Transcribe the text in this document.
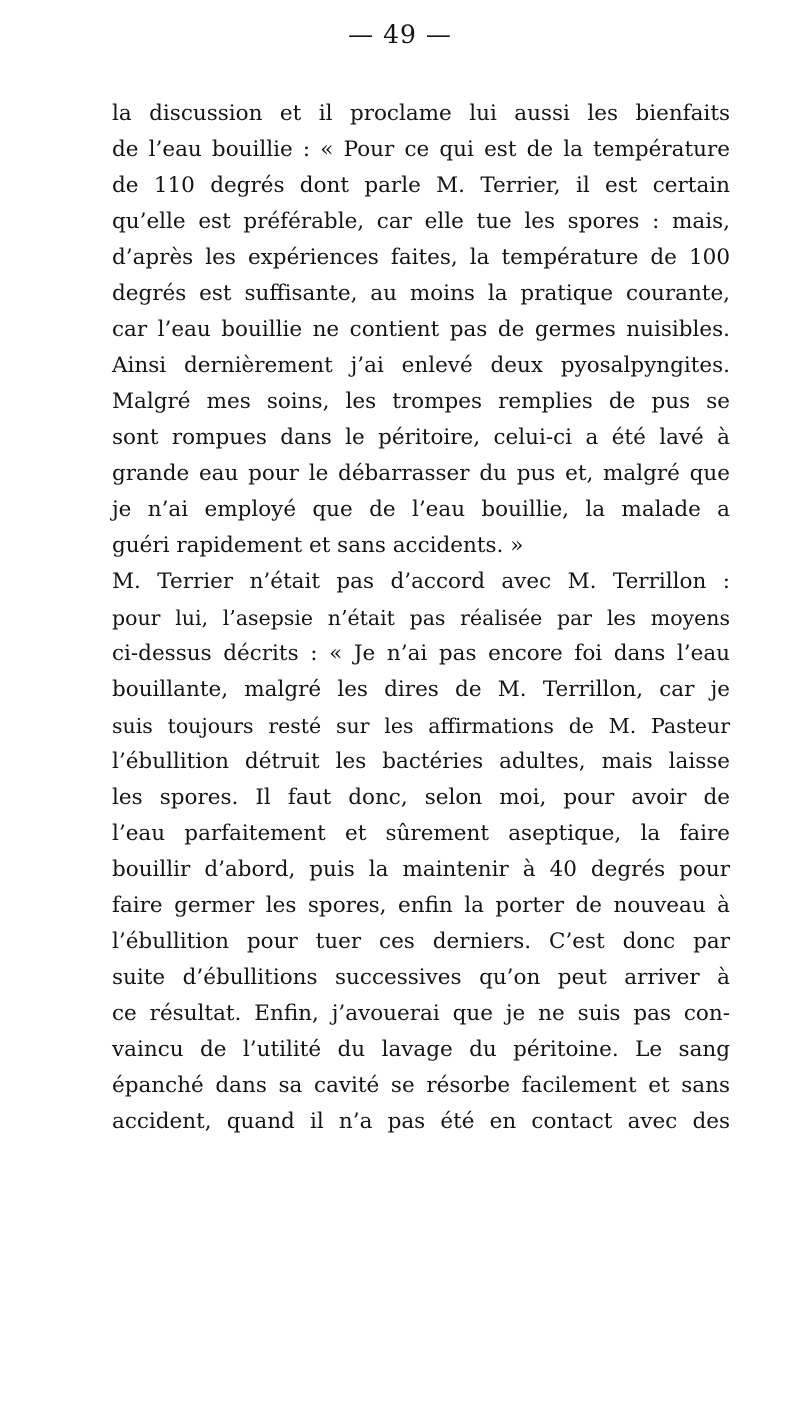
— 49 —
la discussion et il proclame lui aussi les bienfaits
de l’eau bouillie : « Pour ce qui est de la température
de 110 degrés dont parle M. Terrier, il est certain
qu’elle est préférable, car elle tue les spores : mais,
d’après les expériences faites, la température de 100
degrés est suffisante, au moins la pratique courante,
car l’eau bouillie ne contient pas de germes nuisibles.
Ainsi dernièrement j’ai enlevé deux pyosalpyngites.
Malgré mes soins, les trompes remplies de pus se
sont rompues dans le péritoire, celui-ci a été lavé à
grande eau pour le débarrasser du pus et, malgré que
je n’ai employé que de l’eau bouillie, la malade a
guéri rapidement et sans accidents. »
M. Terrier n’était pas d’accord avec M. Terrillon :
pour lui, l’asepsie n’était pas réalisée par les moyens
ci-dessus décrits : « Je n’ai pas encore foi dans l’eau
bouillante, malgré les dires de M. Terrillon, car je
suis toujours resté sur les affirmations de M. Pasteur
l’ébullition détruit les bactéries adultes, mais laisse
les spores. Il faut donc, selon moi, pour avoir de
l’eau parfaitement et sûrement aseptique, la faire
bouillir d’abord, puis la maintenir à 40 degrés pour
faire germer les spores, enfin la porter de nouveau à
l’ébullition pour tuer ces derniers. C’est donc par
suite d’ébullitions successives qu’on peut arriver à
ce résultat. Enfin, j’avouerai que je ne suis pas con-
vaincu de l’utilité du lavage du péritoine. Le sang
épanché dans sa cavité se résorbe facilement et sans
accident, quand il n’a pas été en contact avec des
